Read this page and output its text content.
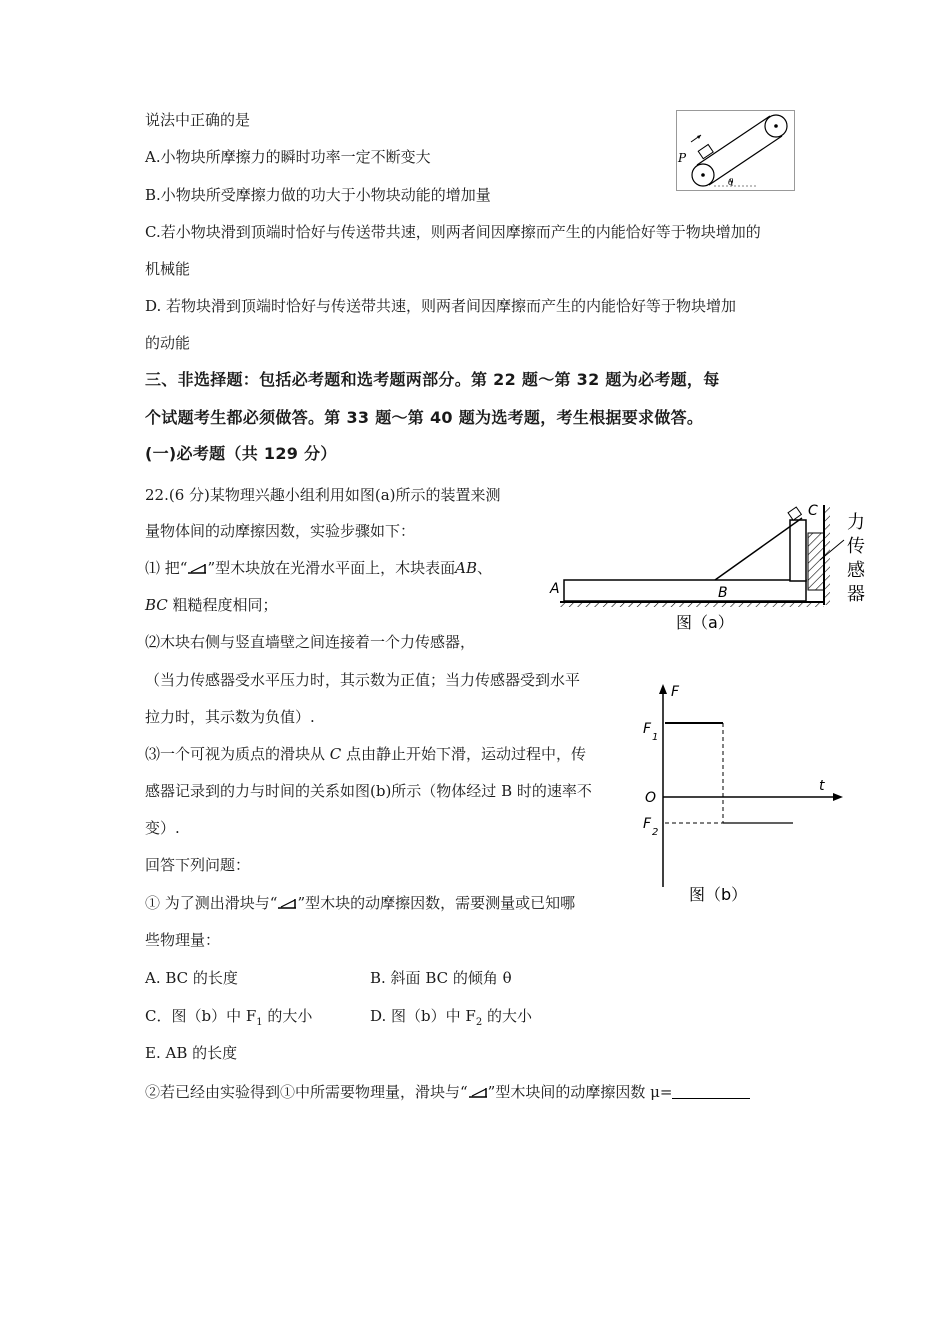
说法中正确的是
A.小物块所摩擦力的瞬时功率一定不断变大
B.小物块所受摩擦力做的功大于小物块动能的增加量
C.若小物块滑到顶端时恰好与传送带共速，则两者间因摩擦而产生的内能恰好等于物块增加的
机械能
D. 若物块滑到顶端时恰好与传送带共速，则两者间因摩擦而产生的内能恰好等于物块增加
的动能
P
θ
三、非选择题：包括必考题和选考题两部分。第 22 题～第 32 题为必考题，每
个试题考生都必须做答。第 33 题～第 40 题为选考题，考生根据要求做答。
(一)必考题（共 129 分）
22.(6 分)某物理兴趣小组利用如图(a)所示的装置来测
量物体间的动摩擦因数，实验步骤如下：
⑴ 把“ ”型木块放在光滑水平面上，木块表面AB、
BC 粗糙程度相同；
⑵木块右侧与竖直墙壁之间连接着一个力传感器，
（当力传感器受水平压力时，其示数为正值；当力传感器受到水平
拉力时，其示数为负值）.
⑶一个可视为质点的滑块从 C 点由静止开始下滑，运动过程中，传
感器记录到的力与时间的关系如图(b)所示（物体经过 B 时的速率不
变）.
回答下列问题：
① 为了测出滑块与“ ”型木块的动摩擦因数，需要测量或已知哪
些物理量：
A. BC 的长度	B. 斜面 BC 的倾角 θ
C．图（b）中 $F_1$ 的大小	D. 图（b）中 $F_2$ 的大小
E. AB 的长度
②若已经由实验得到①中所需要物理量，滑块与“ ”型木块间的动摩擦因数 μ=
A	B
C
力
传
感
器
图（a）
F
t
O
F
1
F
2
图（b）
